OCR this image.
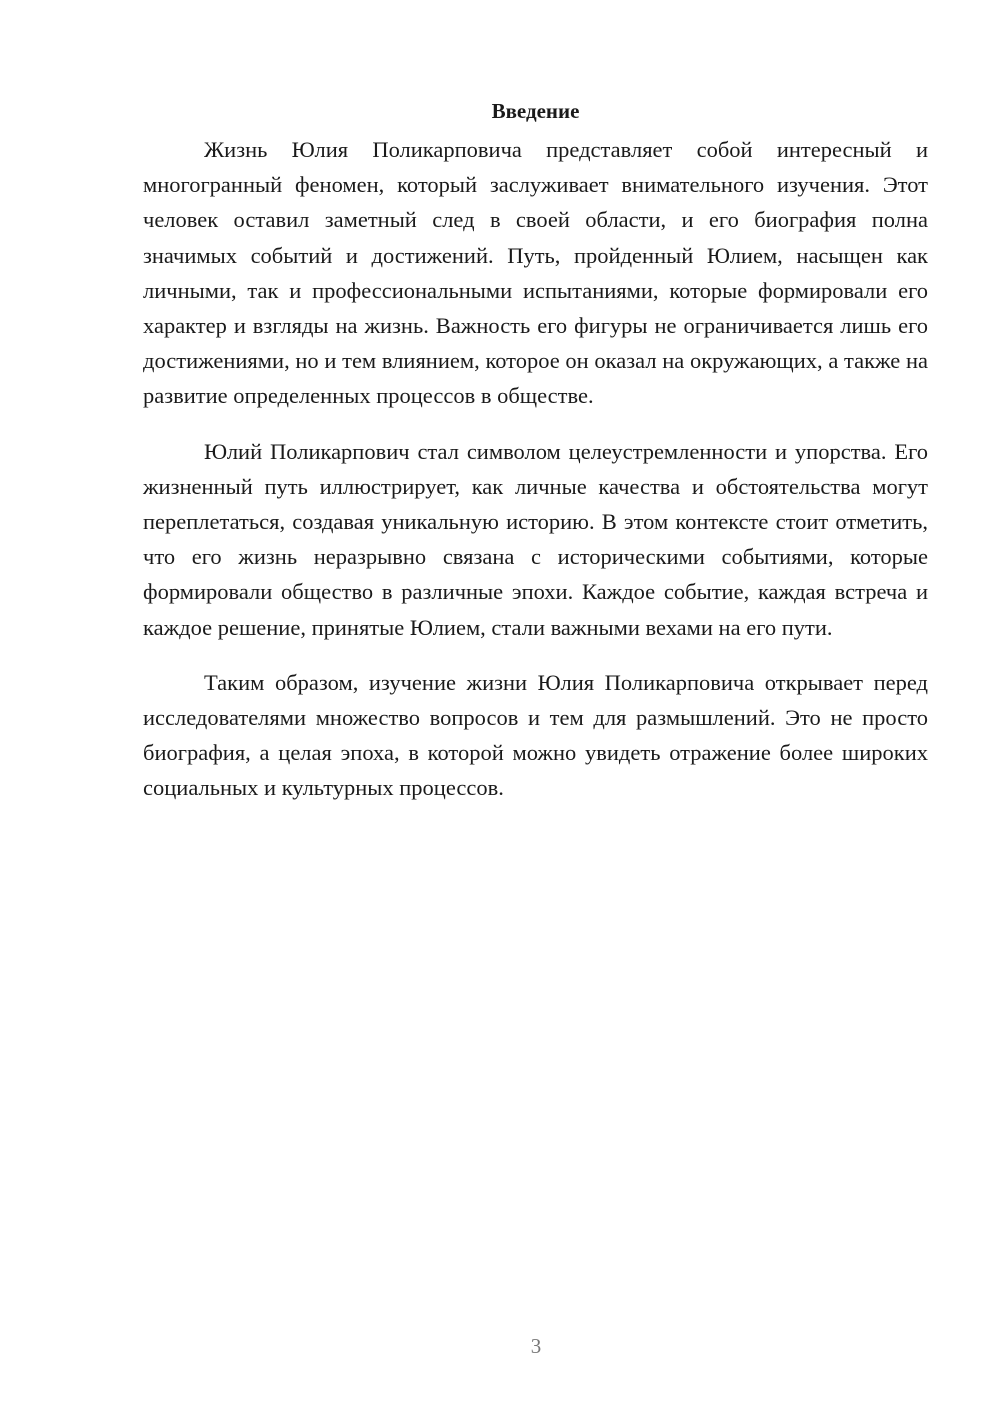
Введение

Жизнь Юлия Поликарповича представляет собой интересный и многогранный феномен, который заслуживает внимательного изучения. Этот человек оставил заметный след в своей области, и его биография полна значимых событий и достижений. Путь, пройденный Юлием, насыщен как личными, так и профессиональными испытаниями, которые формировали его характер и взгляды на жизнь. Важность его фигуры не ограничивается лишь его достижениями, но и тем влиянием, которое он оказал на окружающих, а также на развитие определенных процессов в обществе.

Юлий Поликарпович стал символом целеустремленности и упорства. Его жизненный путь иллюстрирует, как личные качества и обстоятельства могут переплетаться, создавая уникальную историю. В этом контексте стоит отметить, что его жизнь неразрывно связана с историческими событиями, которые формировали общество в различные эпохи. Каждое событие, каждая встреча и каждое решение, принятые Юлием, стали важными вехами на его пути.

Таким образом, изучение жизни Юлия Поликарповича открывает перед исследователями множество вопросов и тем для размышлений. Это не просто биография, а целая эпоха, в которой можно увидеть отражение более широких социальных и культурных процессов.

3
